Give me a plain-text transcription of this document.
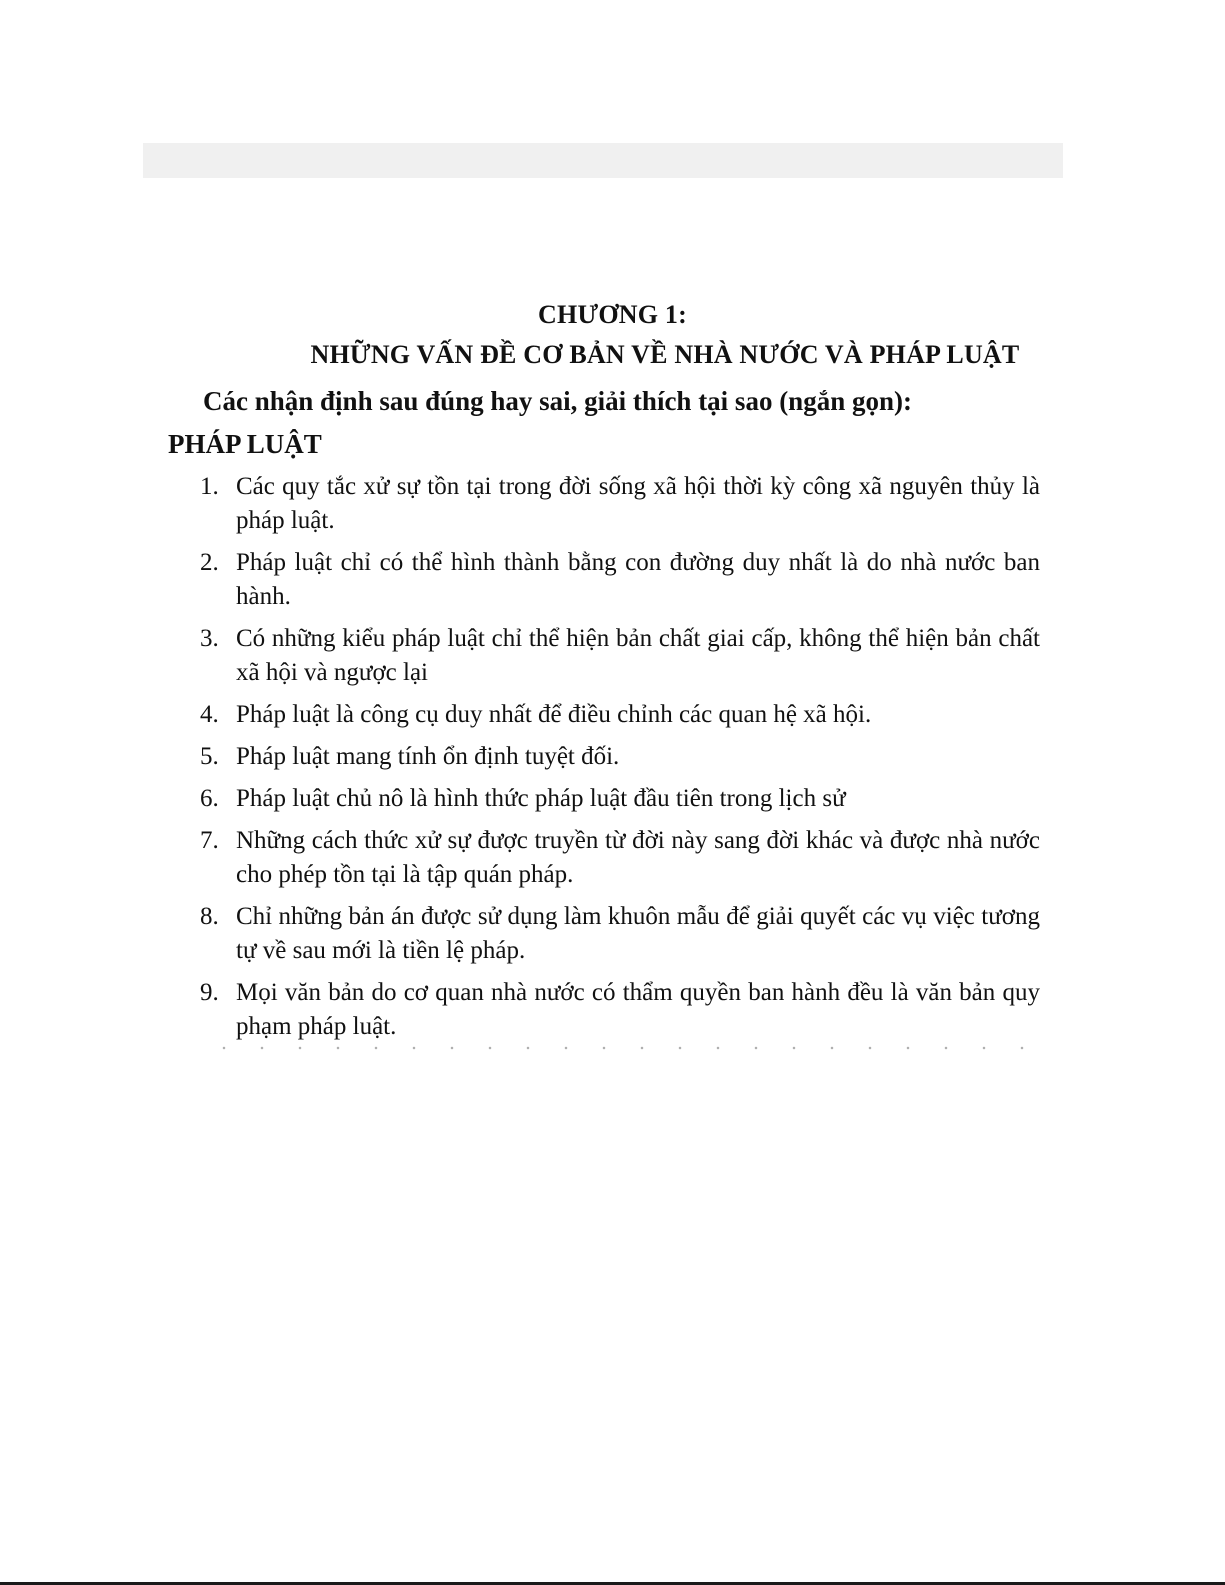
CHƯƠNG 1:
NHỮNG VẤN ĐỀ CƠ BẢN VỀ NHÀ NƯỚC VÀ PHÁP LUẬT
Các nhận định sau đúng hay sai, giải thích tại sao (ngắn gọn):
PHÁP LUẬT
1. Các quy tắc xử sự tồn tại trong đời sống xã hội thời kỳ công xã nguyên thủy là pháp luật.
2. Pháp luật chỉ có thể hình thành bằng con đường duy nhất là do nhà nước ban hành.
3. Có những kiểu pháp luật chỉ thể hiện bản chất giai cấp, không thể hiện bản chất xã hội và ngược lại
4. Pháp luật là công cụ duy nhất để điều chỉnh các quan hệ xã hội.
5. Pháp luật mang tính ổn định tuyệt đối.
6. Pháp luật chủ nô là hình thức pháp luật đầu tiên trong lịch sử
7. Những cách thức xử sự được truyền từ đời này sang đời khác và được nhà nước cho phép tồn tại là tập quán pháp.
8. Chỉ những bản án được sử dụng làm khuôn mẫu để giải quyết các vụ việc tương tự về sau mới là tiền lệ pháp.
9. Mọi văn bản do cơ quan nhà nước có thẩm quyền ban hành đều là văn bản quy phạm pháp luật.
